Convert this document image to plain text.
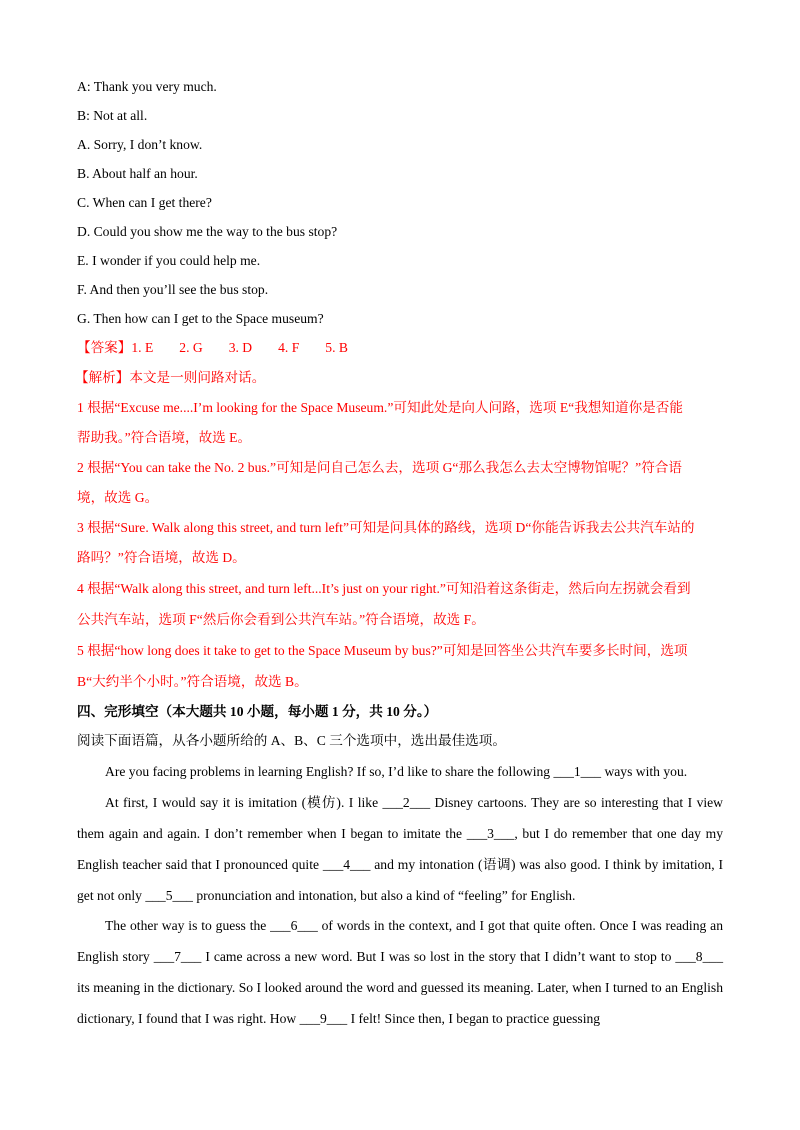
A: Thank you very much.
B: Not at all.
A. Sorry, I don’t know.
B. About half an hour.
C. When can I get there?
D. Could you show me the way to the bus stop?
E. I wonder if you could help me.
F. And then you’ll see the bus stop.
G. Then how can I get to the Space museum?
【答案】1. E 2. G 3. D 4. F 5. B
【解析】本文是一则问路对话。
1 根据“Excuse me....I’m looking for the Space Museum.”可知此处是向人问路，选项 E“我想知道你是否能
帮助我。”符合语境，故选 E。
2 根据“You can take the No. 2 bus.”可知是问自己怎么去，选项 G“那么我怎么去太空博物馆呢？”符合语
境，故选 G。
3 根据“Sure. Walk along this street, and turn left”可知是问具体的路线，选项 D“你能告诉我去公共汽车站的
路吗？”符合语境，故选 D。
4 根据“Walk along this street, and turn left...It’s just on your right.”可知沿着这条街走，然后向左拐就会看到
公共汽车站，选项 F“然后你会看到公共汽车站。”符合语境，故选 F。
5 根据“how long does it take to get to the Space Museum by bus?”可知是回答坐公共汽车要多长时间，选项
B“大约半个小时。”符合语境，故选 B。
四、完形填空（本大题共 10 小题，每小题 1 分，共 10 分。）
阅读下面语篇，从各小题所给的 A、B、C 三个选项中，选出最佳选项。
Are you facing problems in learning English? If so, I’d like to share the following ___1___ ways with you.
At first, I would say it is imitation (模仿). I like ___2___ Disney cartoons. They are so interesting that I view them again and again. I don’t remember when I began to imitate the ___3___, but I do remember that one day my English teacher said that I pronounced quite ___4___ and my intonation (语调) was also good. I think by imitation, I get not only ___5___ pronunciation and intonation, but also a kind of “feeling” for English.
The other way is to guess the ___6___ of words in the context, and I got that quite often. Once I was reading an English story ___7___ I came across a new word. But I was so lost in the story that I didn’t want to stop to ___8___ its meaning in the dictionary. So I looked around the word and guessed its meaning. Later, when I turned to an English dictionary, I found that I was right. How ___9___ I felt! Since then, I began to practice guessing
